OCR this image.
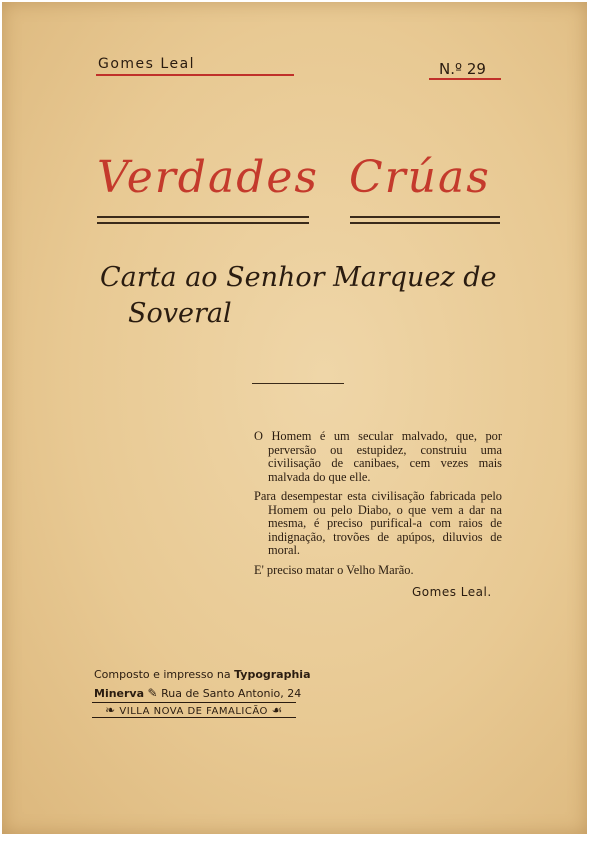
Gomes Leal	N.º 29
Verdades Crúas
Carta ao Senhor Marquez de
Soveral

O Homem é um secular malvado, que, por perversão ou estupidez, construiu uma civilisação de canibaes, cem vezes mais malvada do que elle.

Para desempestar esta civilisação fabricada pelo Homem ou pelo Diabo, o que vem a dar na mesma, é preciso purifical-a com raios de indignação, trovões de apúpos, diluvios de moral.

E' preciso matar o Velho Marão.

Gomes Leal.
Composto e impresso na Typographia
Minerva ✎ Rua de Santo Antonio, 24
❧ VILLA NOVA DE FAMALICÃO ☙
